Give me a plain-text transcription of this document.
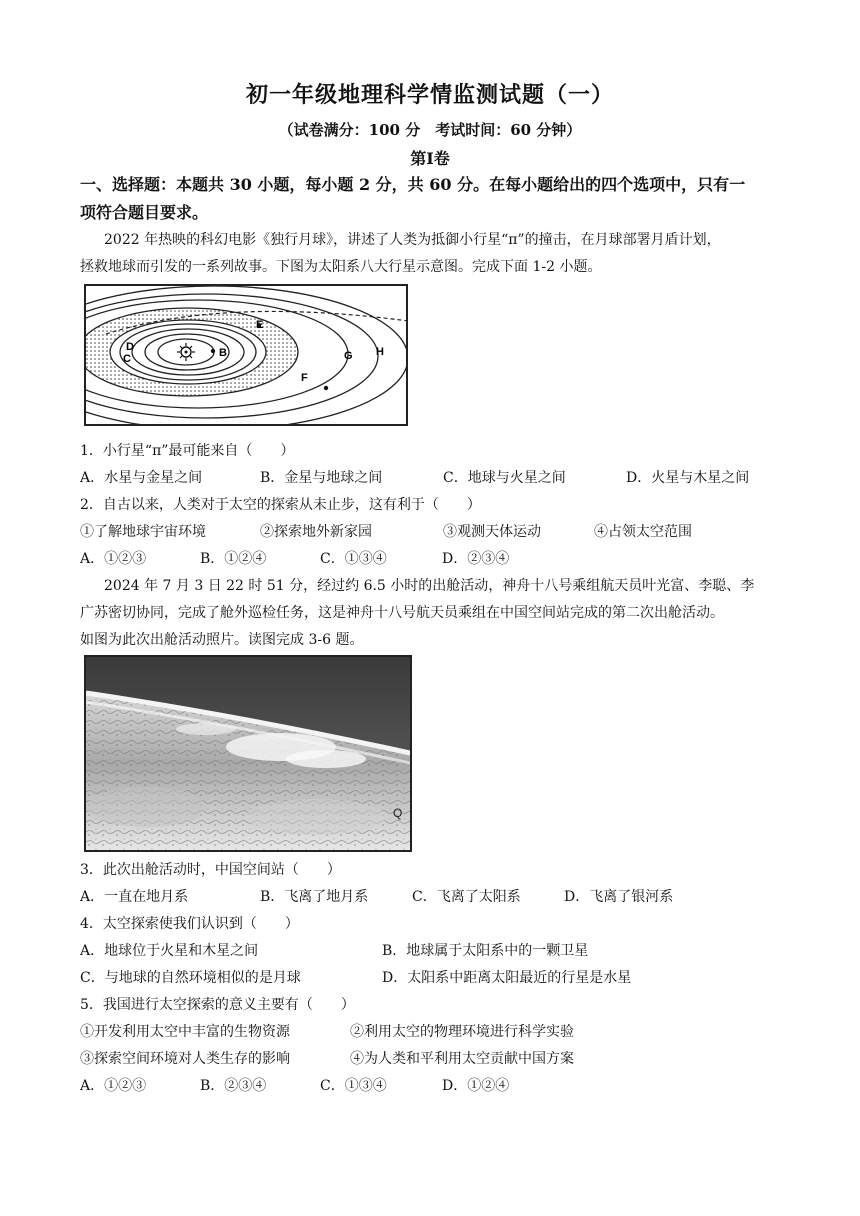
初一年级地理科学情监测试题（一）
（试卷满分：100 分　考试时间：60 分钟）
第Ⅰ卷
一、选择题：本题共 30 小题，每小题 2 分，共 60 分。在每小题给出的四个选项中，只有一
项符合题目要求。
2022 年热映的科幻电影《独行月球》，讲述了人类为抵御小行星“π”的撞击，在月球部署月盾计划，
拯救地球而引发的一系列故事。下图为太阳系八大行星示意图。完成下面 1-2 小题。
B
C
D
E
F
G H
1．小行星“π”最可能来自（　　）
A．水星与金星之间	B．金星与地球之间	C．地球与火星之间	D．火星与木星之间
2．自古以来，人类对于太空的探索从未止步，这有利于（　　）
①了解地球宇宙环境	②探索地外新家园	③观测天体运动	④占领太空范围
A．①②③	B．①②④	C．①③④	D．②③④
2024 年 7 月 3 日 22 时 51 分，经过约 6.5 小时的出舱活动，神舟十八号乘组航天员叶光富、李聪、李
广苏密切协同，完成了舱外巡检任务，这是神舟十八号航天员乘组在中国空间站完成的第二次出舱活动。
如图为此次出舱活动照片。读图完成 3-6 题。
Q
3．此次出舱活动时，中国空间站（　　）
A．一直在地月系	B．飞离了地月系	C．飞离了太阳系	D．飞离了银河系
4．太空探索使我们认识到（　　）
A．地球位于火星和木星之间	B．地球属于太阳系中的一颗卫星
C．与地球的自然环境相似的是月球	D．太阳系中距离太阳最近的行星是水星
5．我国进行太空探索的意义主要有（　　）
①开发利用太空中丰富的生物资源	②利用太空的物理环境进行科学实验
③探索空间环境对人类生存的影响	④为人类和平利用太空贡献中国方案
A．①②③	B．②③④	C．①③④	D．①②④
